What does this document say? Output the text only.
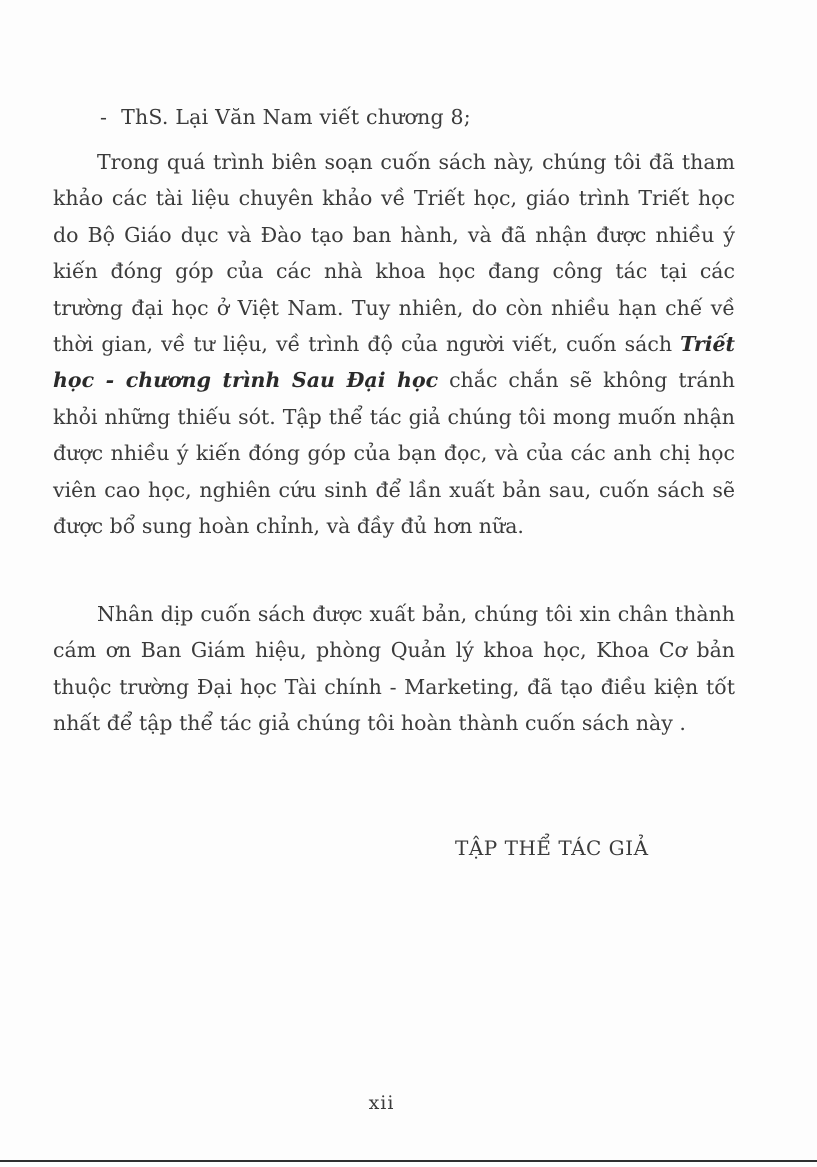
- ThS. Lại Văn Nam viết chương 8;

Trong quá trình biên soạn cuốn sách này, chúng tôi đã tham khảo các tài liệu chuyên khảo về Triết học, giáo trình Triết học do Bộ Giáo dục và Đào tạo ban hành, và đã nhận được nhiều ý kiến đóng góp của các nhà khoa học đang công tác tại các trường đại học ở Việt Nam. Tuy nhiên, do còn nhiều hạn chế về thời gian, về tư liệu, về trình độ của người viết, cuốn sách Triết học - chương trình Sau Đại học chắc chắn sẽ không tránh khỏi những thiếu sót. Tập thể tác giả chúng tôi mong muốn nhận được nhiều ý kiến đóng góp của bạn đọc, và của các anh chị học viên cao học, nghiên cứu sinh để lần xuất bản sau, cuốn sách sẽ được bổ sung hoàn chỉnh, và đầy đủ hơn nữa.

Nhân dịp cuốn sách được xuất bản, chúng tôi xin chân thành cám ơn Ban Giám hiệu, phòng Quản lý khoa học, Khoa Cơ bản thuộc trường Đại học Tài chính - Marketing, đã tạo điều kiện tốt nhất để tập thể tác giả chúng tôi hoàn thành cuốn sách này .

TẬP THỂ TÁC GIẢ
xii
